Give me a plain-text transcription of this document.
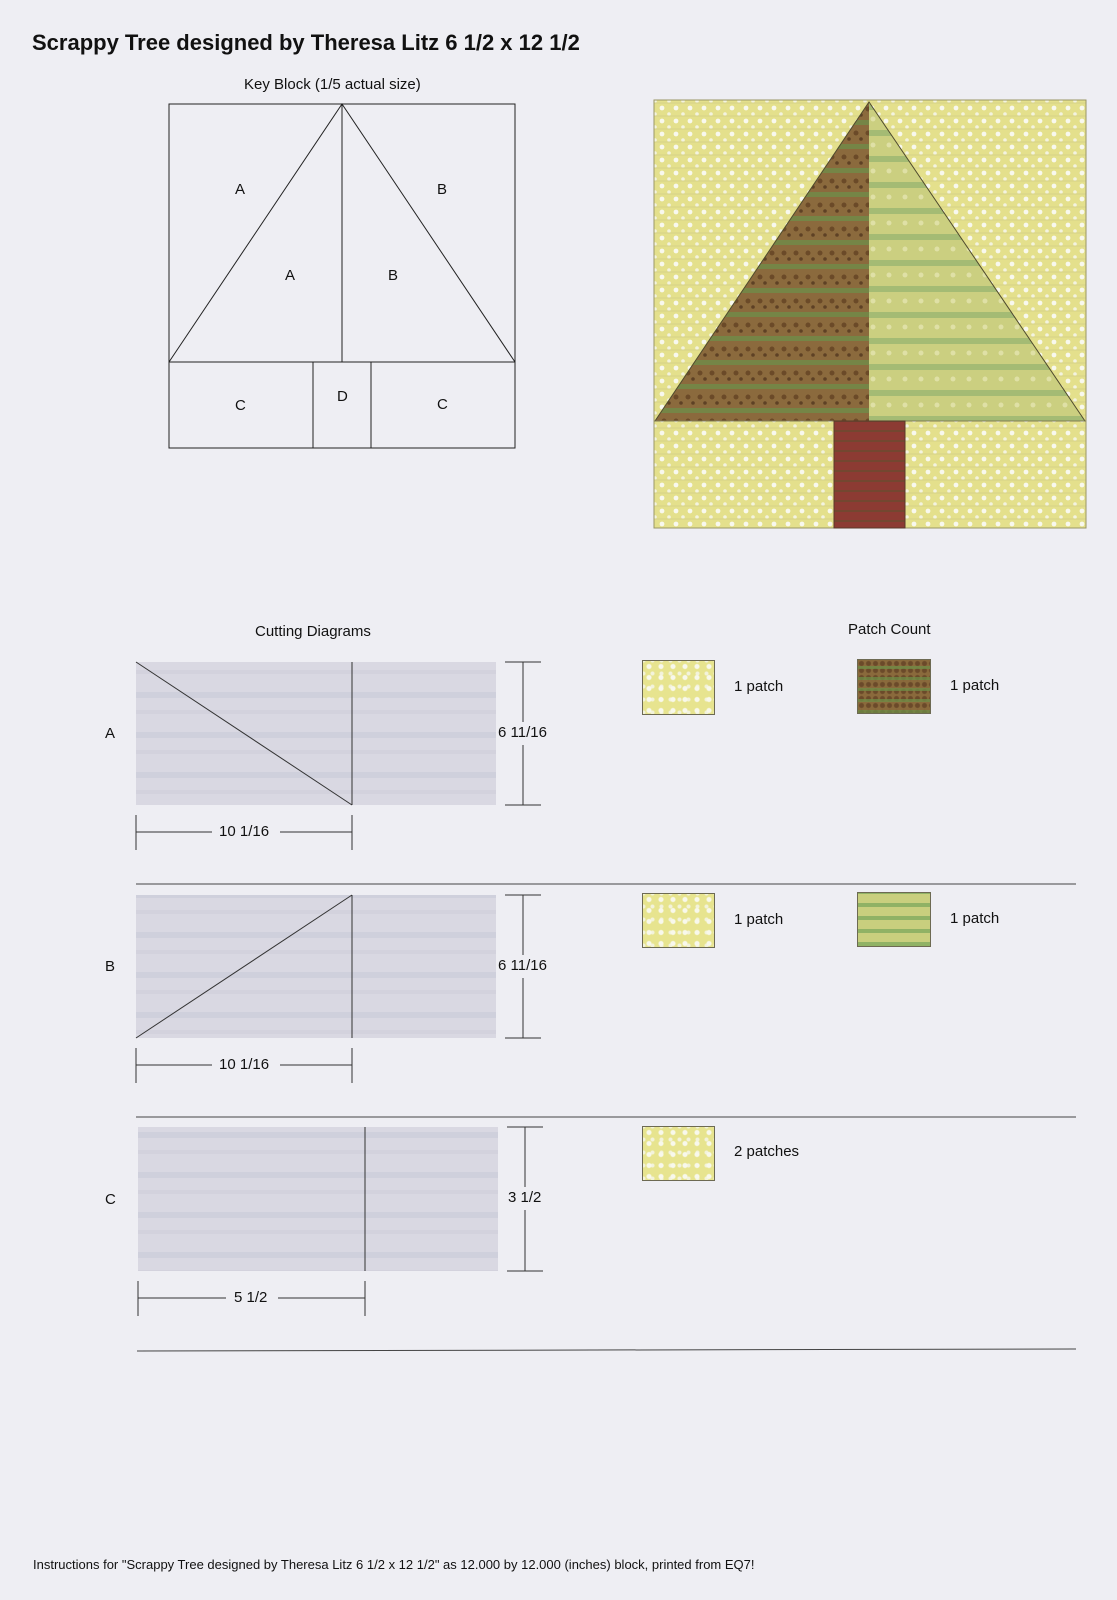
Scrappy Tree designed by Theresa Litz 6 1/2 x 12 1/2
Key Block (1/5 actual size)
A	B
A	B
C
D	C
Cutting Diagrams	Patch Count
A	6 11/16
10 1/16
B	6 11/16
10 1/16
C	3 1/2
5 1/2
1 patch	1 patch
1 patch	1 patch
2 patches
Instructions for "Scrappy Tree designed by Theresa Litz 6 1/2 x 12 1/2" as 12.000 by 12.000 (inches) block, printed from EQ7!
